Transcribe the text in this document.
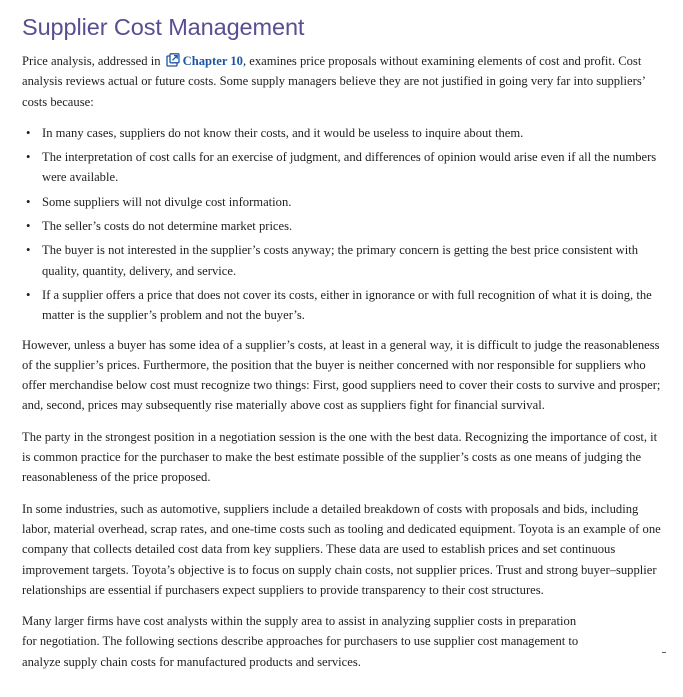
Supplier Cost Management

Price analysis, addressed in Chapter 10, examines price proposals without examining elements of cost and profit. Cost analysis reviews actual or future costs. Some supply managers believe they are not justified in going very far into suppliers’ costs because:

• In many cases, suppliers do not know their costs, and it would be useless to inquire about them.
• The interpretation of cost calls for an exercise of judgment, and differences of opinion would arise even if all the numbers were available.
• Some suppliers will not divulge cost information.
• The seller’s costs do not determine market prices.
• The buyer is not interested in the supplier’s costs anyway; the primary concern is getting the best price consistent with quality, quantity, delivery, and service.
• If a supplier offers a price that does not cover its costs, either in ignorance or with full recognition of what it is doing, the matter is the supplier’s problem and not the buyer’s.

However, unless a buyer has some idea of a supplier’s costs, at least in a general way, it is difficult to judge the reasonableness of the supplier’s prices. Furthermore, the position that the buyer is neither concerned with nor responsible for suppliers who offer merchandise below cost must recognize two things: First, good suppliers need to cover their costs to survive and prosper; and, second, prices may subsequently rise materially above cost as suppliers fight for financial survival.

The party in the strongest position in a negotiation session is the one with the best data. Recognizing the importance of cost, it is common practice for the purchaser to make the best estimate possible of the supplier’s costs as one means of judging the reasonableness of the price proposed.

In some industries, such as automotive, suppliers include a detailed breakdown of costs with proposals and bids, including labor, material overhead, scrap rates, and one-time costs such as tooling and dedicated equipment. Toyota is an example of one company that collects detailed cost data from key suppliers. These data are used to establish prices and set continuous improvement targets. Toyota’s objective is to focus on supply chain costs, not supplier prices. Trust and strong buyer–supplier relationships are essential if purchasers expect suppliers to provide transparency to their cost structures.

Many larger firms have cost analysts within the supply area to assist in analyzing supplier costs in preparation for negotiation. The following sections describe approaches for purchasers to use supplier cost management to analyze supply chain costs for manufactured products and services.
